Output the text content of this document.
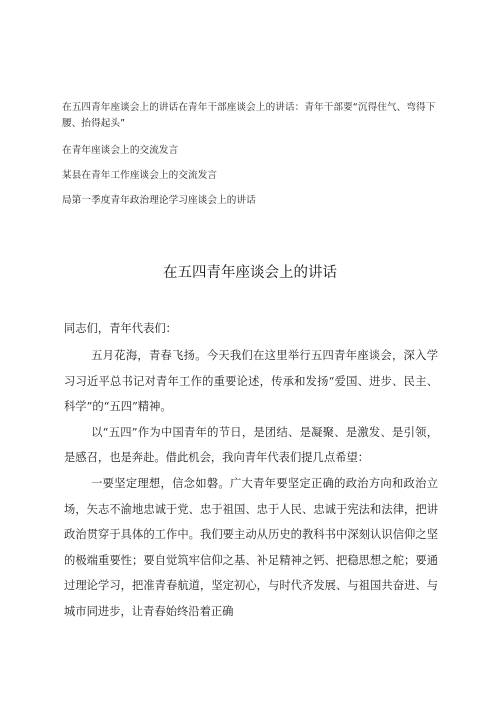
在五四青年座谈会上的讲话在青年干部座谈会上的讲话：青年干部要“沉得住气、弯得下腰、抬得起头”
在青年座谈会上的交流发言
某县在青年工作座谈会上的交流发言
局第一季度青年政治理论学习座谈会上的讲话
在五四青年座谈会上的讲话

同志们，青年代表们：

五月花海，青春飞扬。今天我们在这里举行五四青年座谈会，深入学习习近平总书记对青年工作的重要论述，传承和发扬“爱国、进步、民主、科学”的“五四”精神。

以“五四”作为中国青年的节日，是团结、是凝聚、是激发、是引领，是感召，也是奔赴。借此机会，我向青年代表们提几点希望：

一要坚定理想，信念如磐。广大青年要坚定正确的政治方向和政治立场，矢志不渝地忠诚于党、忠于祖国、忠于人民、忠诚于宪法和法律，把讲政治贯穿于具体的工作中。我们要主动从历史的教科书中深刻认识信仰之坚的极端重要性；要自觉筑牢信仰之基、补足精神之钙、把稳思想之舵；要通过理论学习，把准青春航道，坚定初心，与时代齐发展、与祖国共奋进、与城市同进步，让青春始终沿着正确
